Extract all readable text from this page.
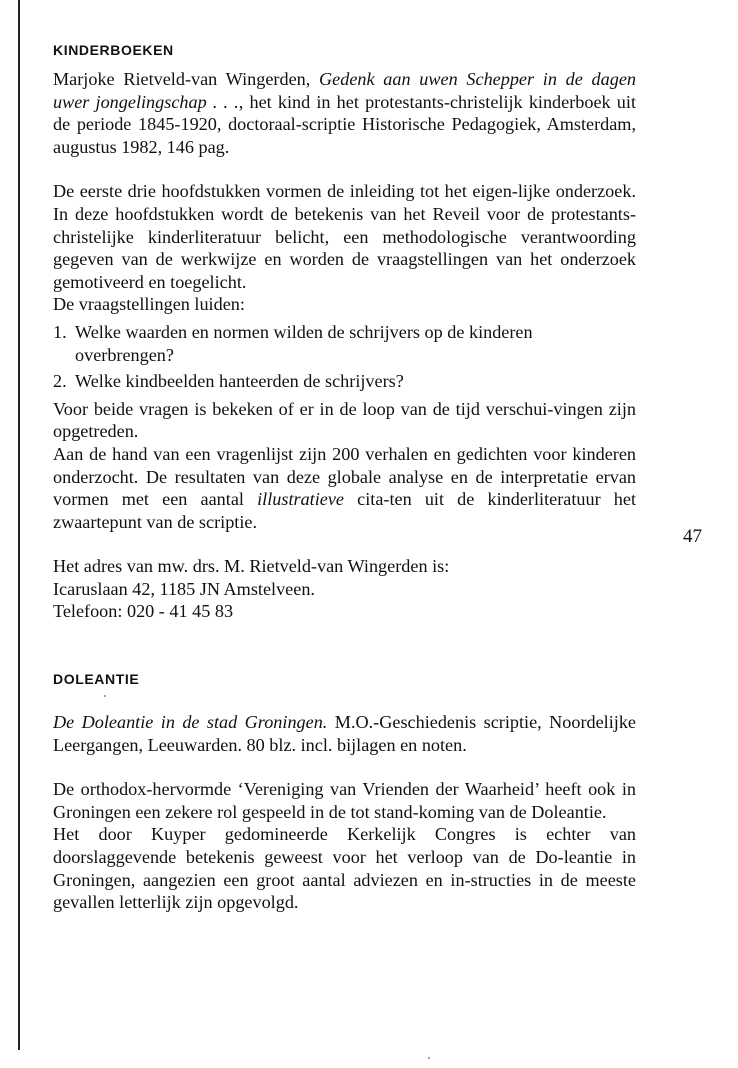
47
KINDERBOEKEN

Marjoke Rietveld-van Wingerden, Gedenk aan uwen Schepper in de dagen uwer jongelingschap . . ., het kind in het protestants-christelijk kinderboek uit de periode 1845-1920, doctoraal-scriptie Historische Pedagogiek, Amsterdam, augustus 1982, 146 pag.

De eerste drie hoofdstukken vormen de inleiding tot het eigen-lijke onderzoek. In deze hoofdstukken wordt de betekenis van het Reveil voor de protestants-christelijke kinderliteratuur belicht, een methodologische verantwoording gegeven van de werkwijze en worden de vraagstellingen van het onderzoek gemotiveerd en toegelicht.

De vraagstellingen luiden:

1. Welke waarden en normen wilden de schrijvers op de kinderen overbrengen?
2. Welke kindbeelden hanteerden de schrijvers?

Voor beide vragen is bekeken of er in de loop van de tijd verschui-vingen zijn opgetreden.

Aan de hand van een vragenlijst zijn 200 verhalen en gedichten voor kinderen onderzocht. De resultaten van deze globale analyse en de interpretatie ervan vormen met een aantal illustratieve cita-ten uit de kinderliteratuur het zwaartepunt van de scriptie.

Het adres van mw. drs. M. Rietveld-van Wingerden is:

Icaruslaan 42, 1185 JN Amstelveen.

Telefoon: 020 - 41 45 83

DOLEANTIE

De Doleantie in de stad Groningen. M.O.-Geschiedenis scriptie, Noordelijke Leergangen, Leeuwarden. 80 blz. incl. bijlagen en noten.

De orthodox-hervormde ‘Vereniging van Vrienden der Waarheid’ heeft ook in Groningen een zekere rol gespeeld in de tot stand-koming van de Doleantie.

Het door Kuyper gedomineerde Kerkelijk Congres is echter van doorslaggevende betekenis geweest voor het verloop van de Do-leantie in Groningen, aangezien een groot aantal adviezen en in-structies in de meeste gevallen letterlijk zijn opgevolgd.
